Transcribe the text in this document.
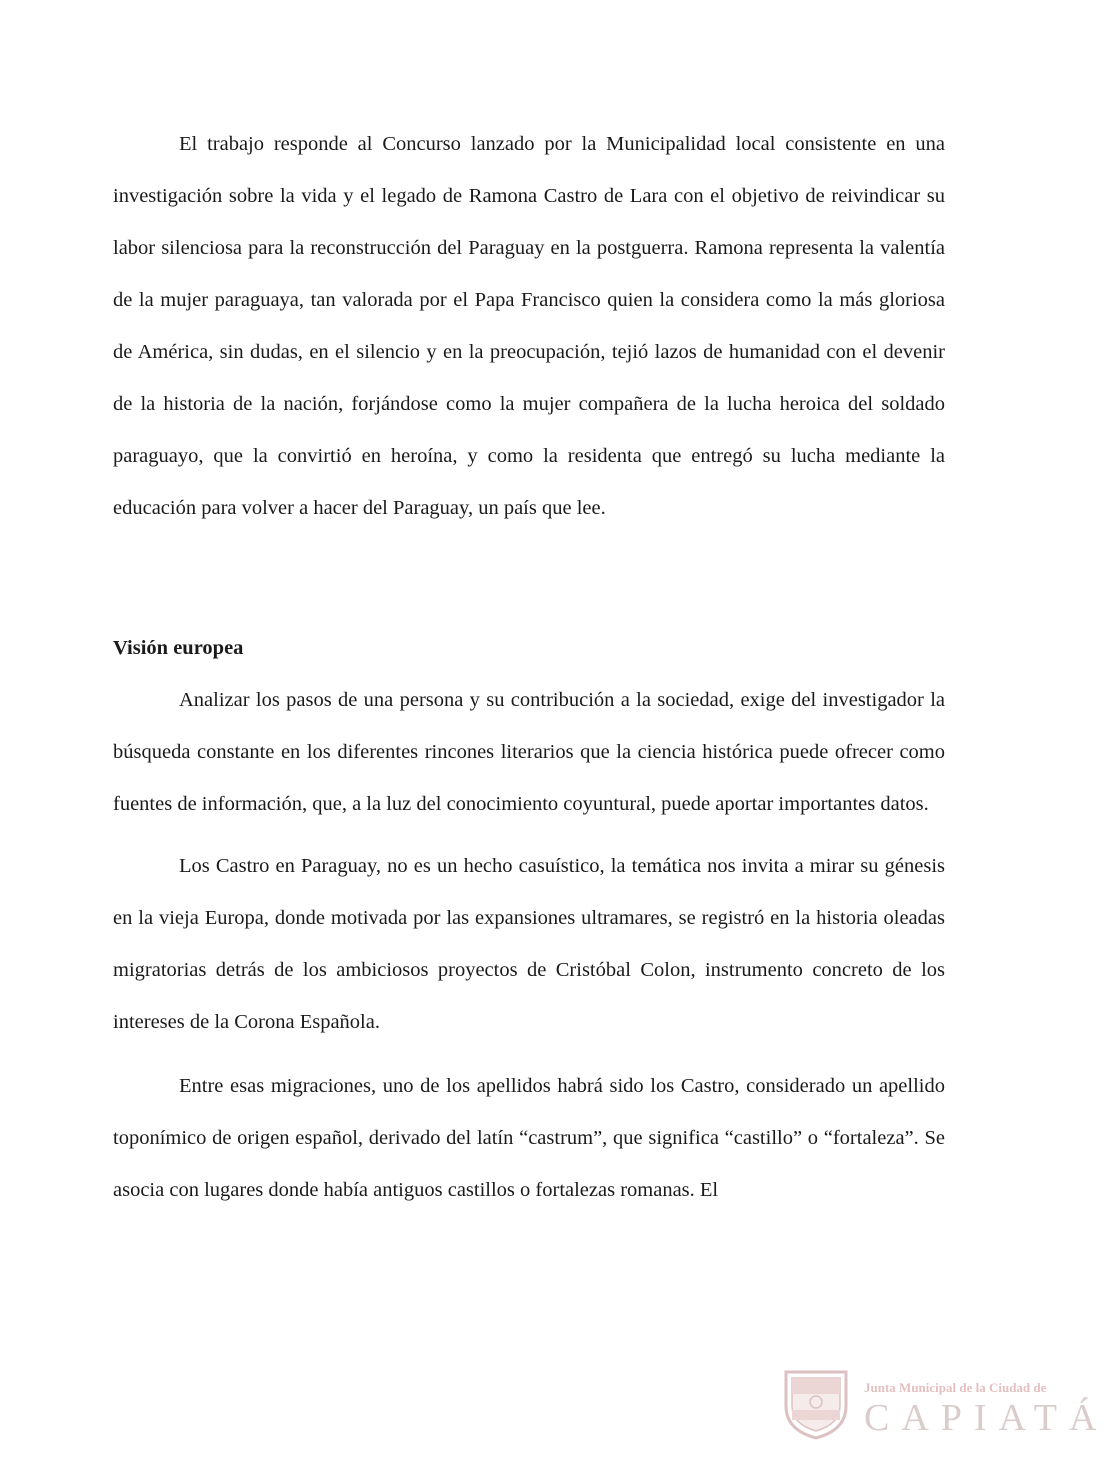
El trabajo responde al Concurso lanzado por la Municipalidad local consistente en una investigación sobre la vida y el legado de Ramona Castro de Lara con el objetivo de reivindicar su labor silenciosa para la reconstrucción del Paraguay en la postguerra. Ramona representa la valentía de la mujer paraguaya, tan valorada por el Papa Francisco quien la considera como la más gloriosa de América, sin dudas, en el silencio y en la preocupación, tejió lazos de humanidad con el devenir de la historia de la nación, forjándose como la mujer compañera de la lucha heroica del soldado paraguayo, que la convirtió en heroína, y como la residenta que entregó su lucha mediante la educación para volver a hacer del Paraguay, un país que lee.

Visión europea

Analizar los pasos de una persona y su contribución a la sociedad, exige del investigador la búsqueda constante en los diferentes rincones literarios que la ciencia histórica puede ofrecer como fuentes de información, que, a la luz del conocimiento coyuntural, puede aportar importantes datos.

Los Castro en Paraguay, no es un hecho casuístico, la temática nos invita a mirar su génesis en la vieja Europa, donde motivada por las expansiones ultramares, se registró en la historia oleadas migratorias detrás de los ambiciosos proyectos de Cristóbal Colon, instrumento concreto de los intereses de la Corona Española.

Entre esas migraciones, uno de los apellidos habrá sido los Castro, considerado un apellido toponímico de origen español, derivado del latín “castrum”, que significa “castillo” o “fortaleza”. Se asocia con lugares donde había antiguos castillos o fortalezas romanas. El

Junta Municipal de la Ciudad de
CAPIATÁ
